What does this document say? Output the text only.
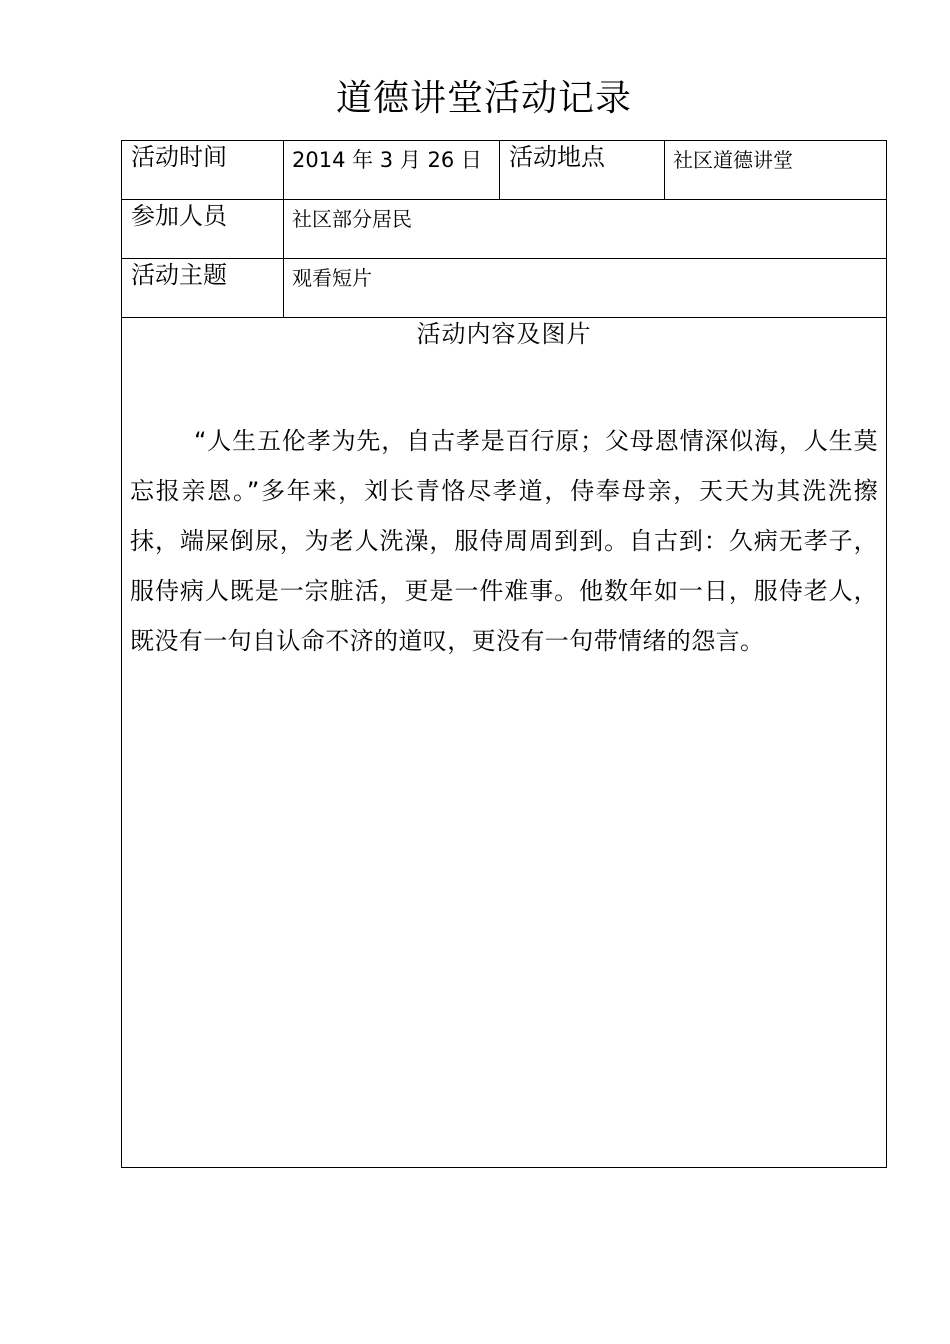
道德讲堂活动记录
活动时间	2014 年 3 月 26 日	活动地点	社区道德讲堂
参加人员	社区部分居民		
活动主题	观看短片		

活动内容及图片
“人生五伦孝为先，自古孝是百行原；父母恩情深似海，人生莫忘报亲恩。”多年来，刘长青恪尽孝道，侍奉母亲，天天为其洗洗擦抹，端屎倒尿，为老人洗澡，服侍周周到到。自古到：久病无孝子，服侍病人既是一宗脏活，更是一件难事。他数年如一日，服侍老人，既没有一句自认命不济的道叹，更没有一句带情绪的怨言。			
